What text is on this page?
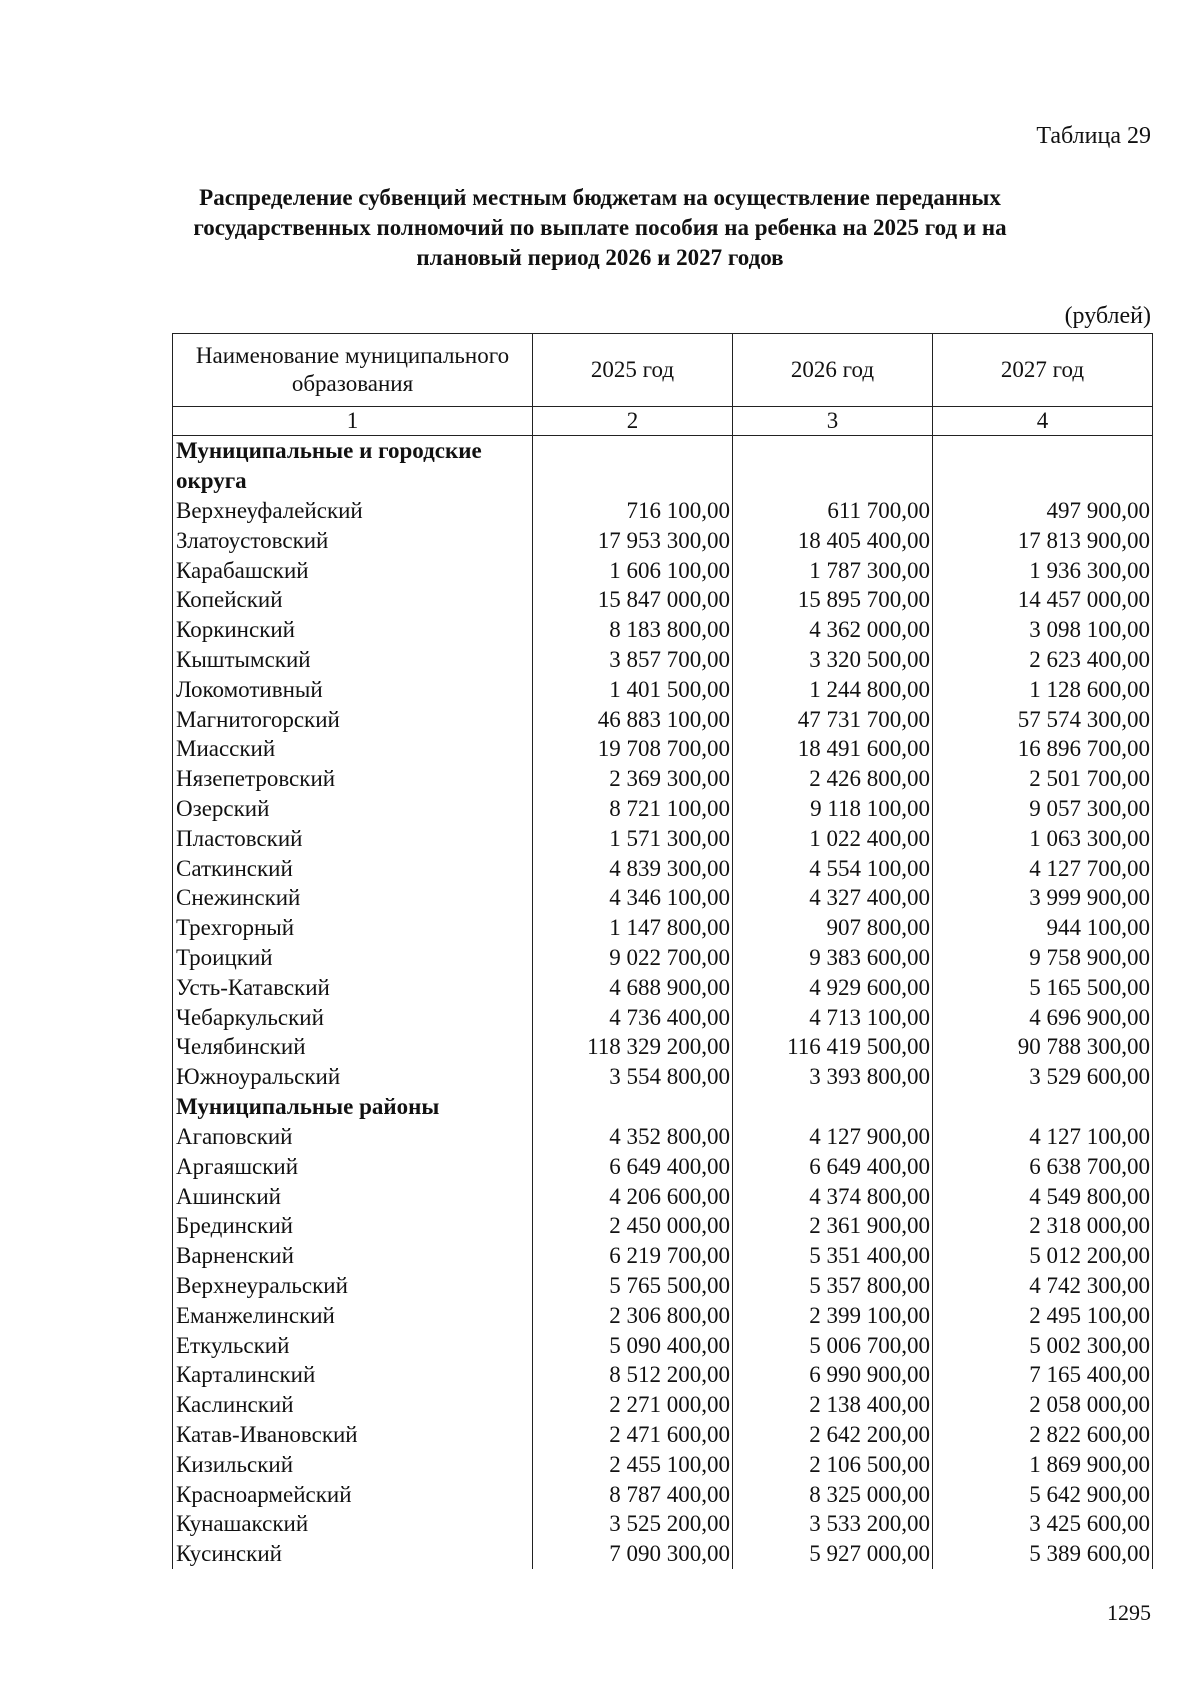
Таблица 29
Распределение субвенций местным бюджетам на осуществление переданных
государственных полномочий по выплате пособия на ребенка на 2025 год и на
плановый период 2026 и 2027 годов
(рублей)
Наименование муниципального образования	2025 год	2026 год	2027 год
1	2	3	4
Муниципальные и городские округа			
Верхнеуфалейский	716 100,00	611 700,00	497 900,00
Златоустовский	17 953 300,00	18 405 400,00	17 813 900,00
Карабашский	1 606 100,00	1 787 300,00	1 936 300,00
Копейский	15 847 000,00	15 895 700,00	14 457 000,00
Коркинский	8 183 800,00	4 362 000,00	3 098 100,00
Кыштымский	3 857 700,00	3 320 500,00	2 623 400,00
Локомотивный	1 401 500,00	1 244 800,00	1 128 600,00
Магнитогорский	46 883 100,00	47 731 700,00	57 574 300,00
Миасский	19 708 700,00	18 491 600,00	16 896 700,00
Нязепетровский	2 369 300,00	2 426 800,00	2 501 700,00
Озерский	8 721 100,00	9 118 100,00	9 057 300,00
Пластовский	1 571 300,00	1 022 400,00	1 063 300,00
Саткинский	4 839 300,00	4 554 100,00	4 127 700,00
Снежинский	4 346 100,00	4 327 400,00	3 999 900,00
Трехгорный	1 147 800,00	907 800,00	944 100,00
Троицкий	9 022 700,00	9 383 600,00	9 758 900,00
Усть-Катавский	4 688 900,00	4 929 600,00	5 165 500,00
Чебаркульский	4 736 400,00	4 713 100,00	4 696 900,00
Челябинский	118 329 200,00	116 419 500,00	90 788 300,00
Южноуральский	3 554 800,00	3 393 800,00	3 529 600,00
Муниципальные районы			
Агаповский	4 352 800,00	4 127 900,00	4 127 100,00
Аргаяшский	6 649 400,00	6 649 400,00	6 638 700,00
Ашинский	4 206 600,00	4 374 800,00	4 549 800,00
Брединский	2 450 000,00	2 361 900,00	2 318 000,00
Варненский	6 219 700,00	5 351 400,00	5 012 200,00
Верхнеуральский	5 765 500,00	5 357 800,00	4 742 300,00
Еманжелинский	2 306 800,00	2 399 100,00	2 495 100,00
Еткульский	5 090 400,00	5 006 700,00	5 002 300,00
Карталинский	8 512 200,00	6 990 900,00	7 165 400,00
Каслинский	2 271 000,00	2 138 400,00	2 058 000,00
Катав-Ивановский	2 471 600,00	2 642 200,00	2 822 600,00
Кизильский	2 455 100,00	2 106 500,00	1 869 900,00
Красноармейский	8 787 400,00	8 325 000,00	5 642 900,00
Кунашакский	3 525 200,00	3 533 200,00	3 425 600,00
Кусинский	7 090 300,00	5 927 000,00	5 389 600,00
1295
